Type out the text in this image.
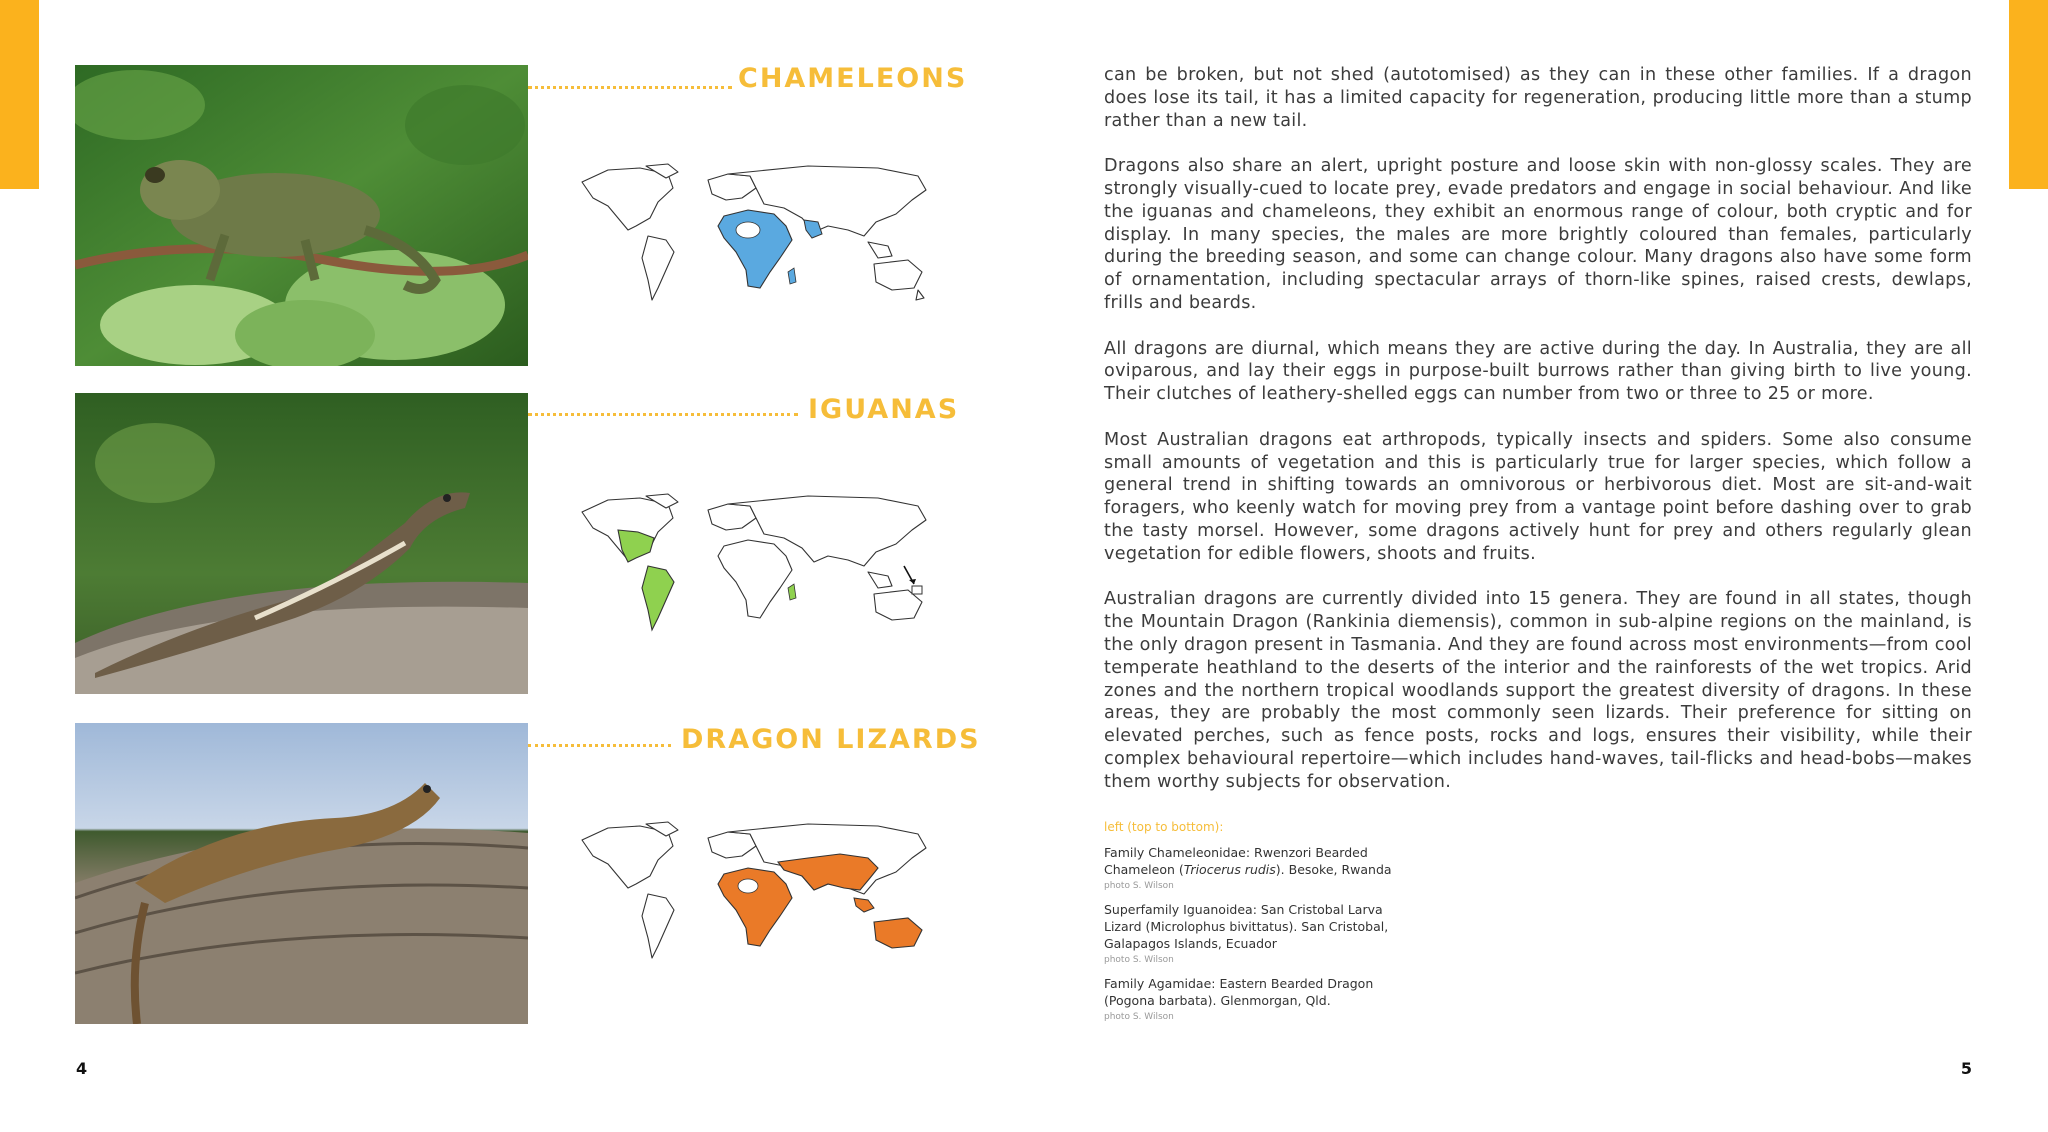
CHAMELEONS
IGUANAS
DRAGON LIZARDS

can be broken, but not shed (autotomised) as they can in these other families. If a dragon does lose its tail, it has a limited capacity for regeneration, producing little more than a stump rather than a new tail.

Dragons also share an alert, upright posture and loose skin with non-glossy scales. They are strongly visually-cued to locate prey, evade predators and engage in social behaviour. And like the iguanas and chameleons, they exhibit an enormous range of colour, both cryptic and for display. In many species, the males are more brightly coloured than females, particularly during the breeding season, and some can change colour. Many dragons also have some form of ornamentation, including spectacular arrays of thorn-like spines, raised crests, dewlaps, frills and beards.

All dragons are diurnal, which means they are active during the day. In Australia, they are all oviparous, and lay their eggs in purpose-built burrows rather than giving birth to live young. Their clutches of leathery-shelled eggs can number from two or three to 25 or more.

Most Australian dragons eat arthropods, typically insects and spiders. Some also consume small amounts of vegetation and this is particularly true for larger species, which follow a general trend in shifting towards an omnivorous or herbivorous diet. Most are sit-and-wait foragers, who keenly watch for moving prey from a vantage point before dashing over to grab the tasty morsel. However, some dragons actively hunt for prey and others regularly glean vegetation for edible flowers, shoots and fruits.

Australian dragons are currently divided into 15 genera. They are found in all states, though the Mountain Dragon (Rankinia diemensis), common in sub-alpine regions on the mainland, is the only dragon present in Tasmania. And they are found across most environments—from cool temperate heathland to the deserts of the interior and the rainforests of the wet tropics. Arid zones and the northern tropical woodlands support the greatest diversity of dragons. In these areas, they are probably the most commonly seen lizards. Their preference for sitting on elevated perches, such as fence posts, rocks and logs, ensures their visibility, while their complex behavioural repertoire—which includes hand-waves, tail-flicks and head-bobs—makes them worthy subjects for observation.

left (top to bottom):
Family Chameleonidae: Rwenzori Bearded Chameleon (Triocerus rudis). Besoke, Rwanda
photo S. Wilson
Superfamily Iguanoidea: San Cristobal Larva Lizard (Microlophus bivittatus). San Cristobal, Galapagos Islands, Ecuador
photo S. Wilson
Family Agamidae: Eastern Bearded Dragon (Pogona barbata). Glenmorgan, Qld.
photo S. Wilson
4	5
